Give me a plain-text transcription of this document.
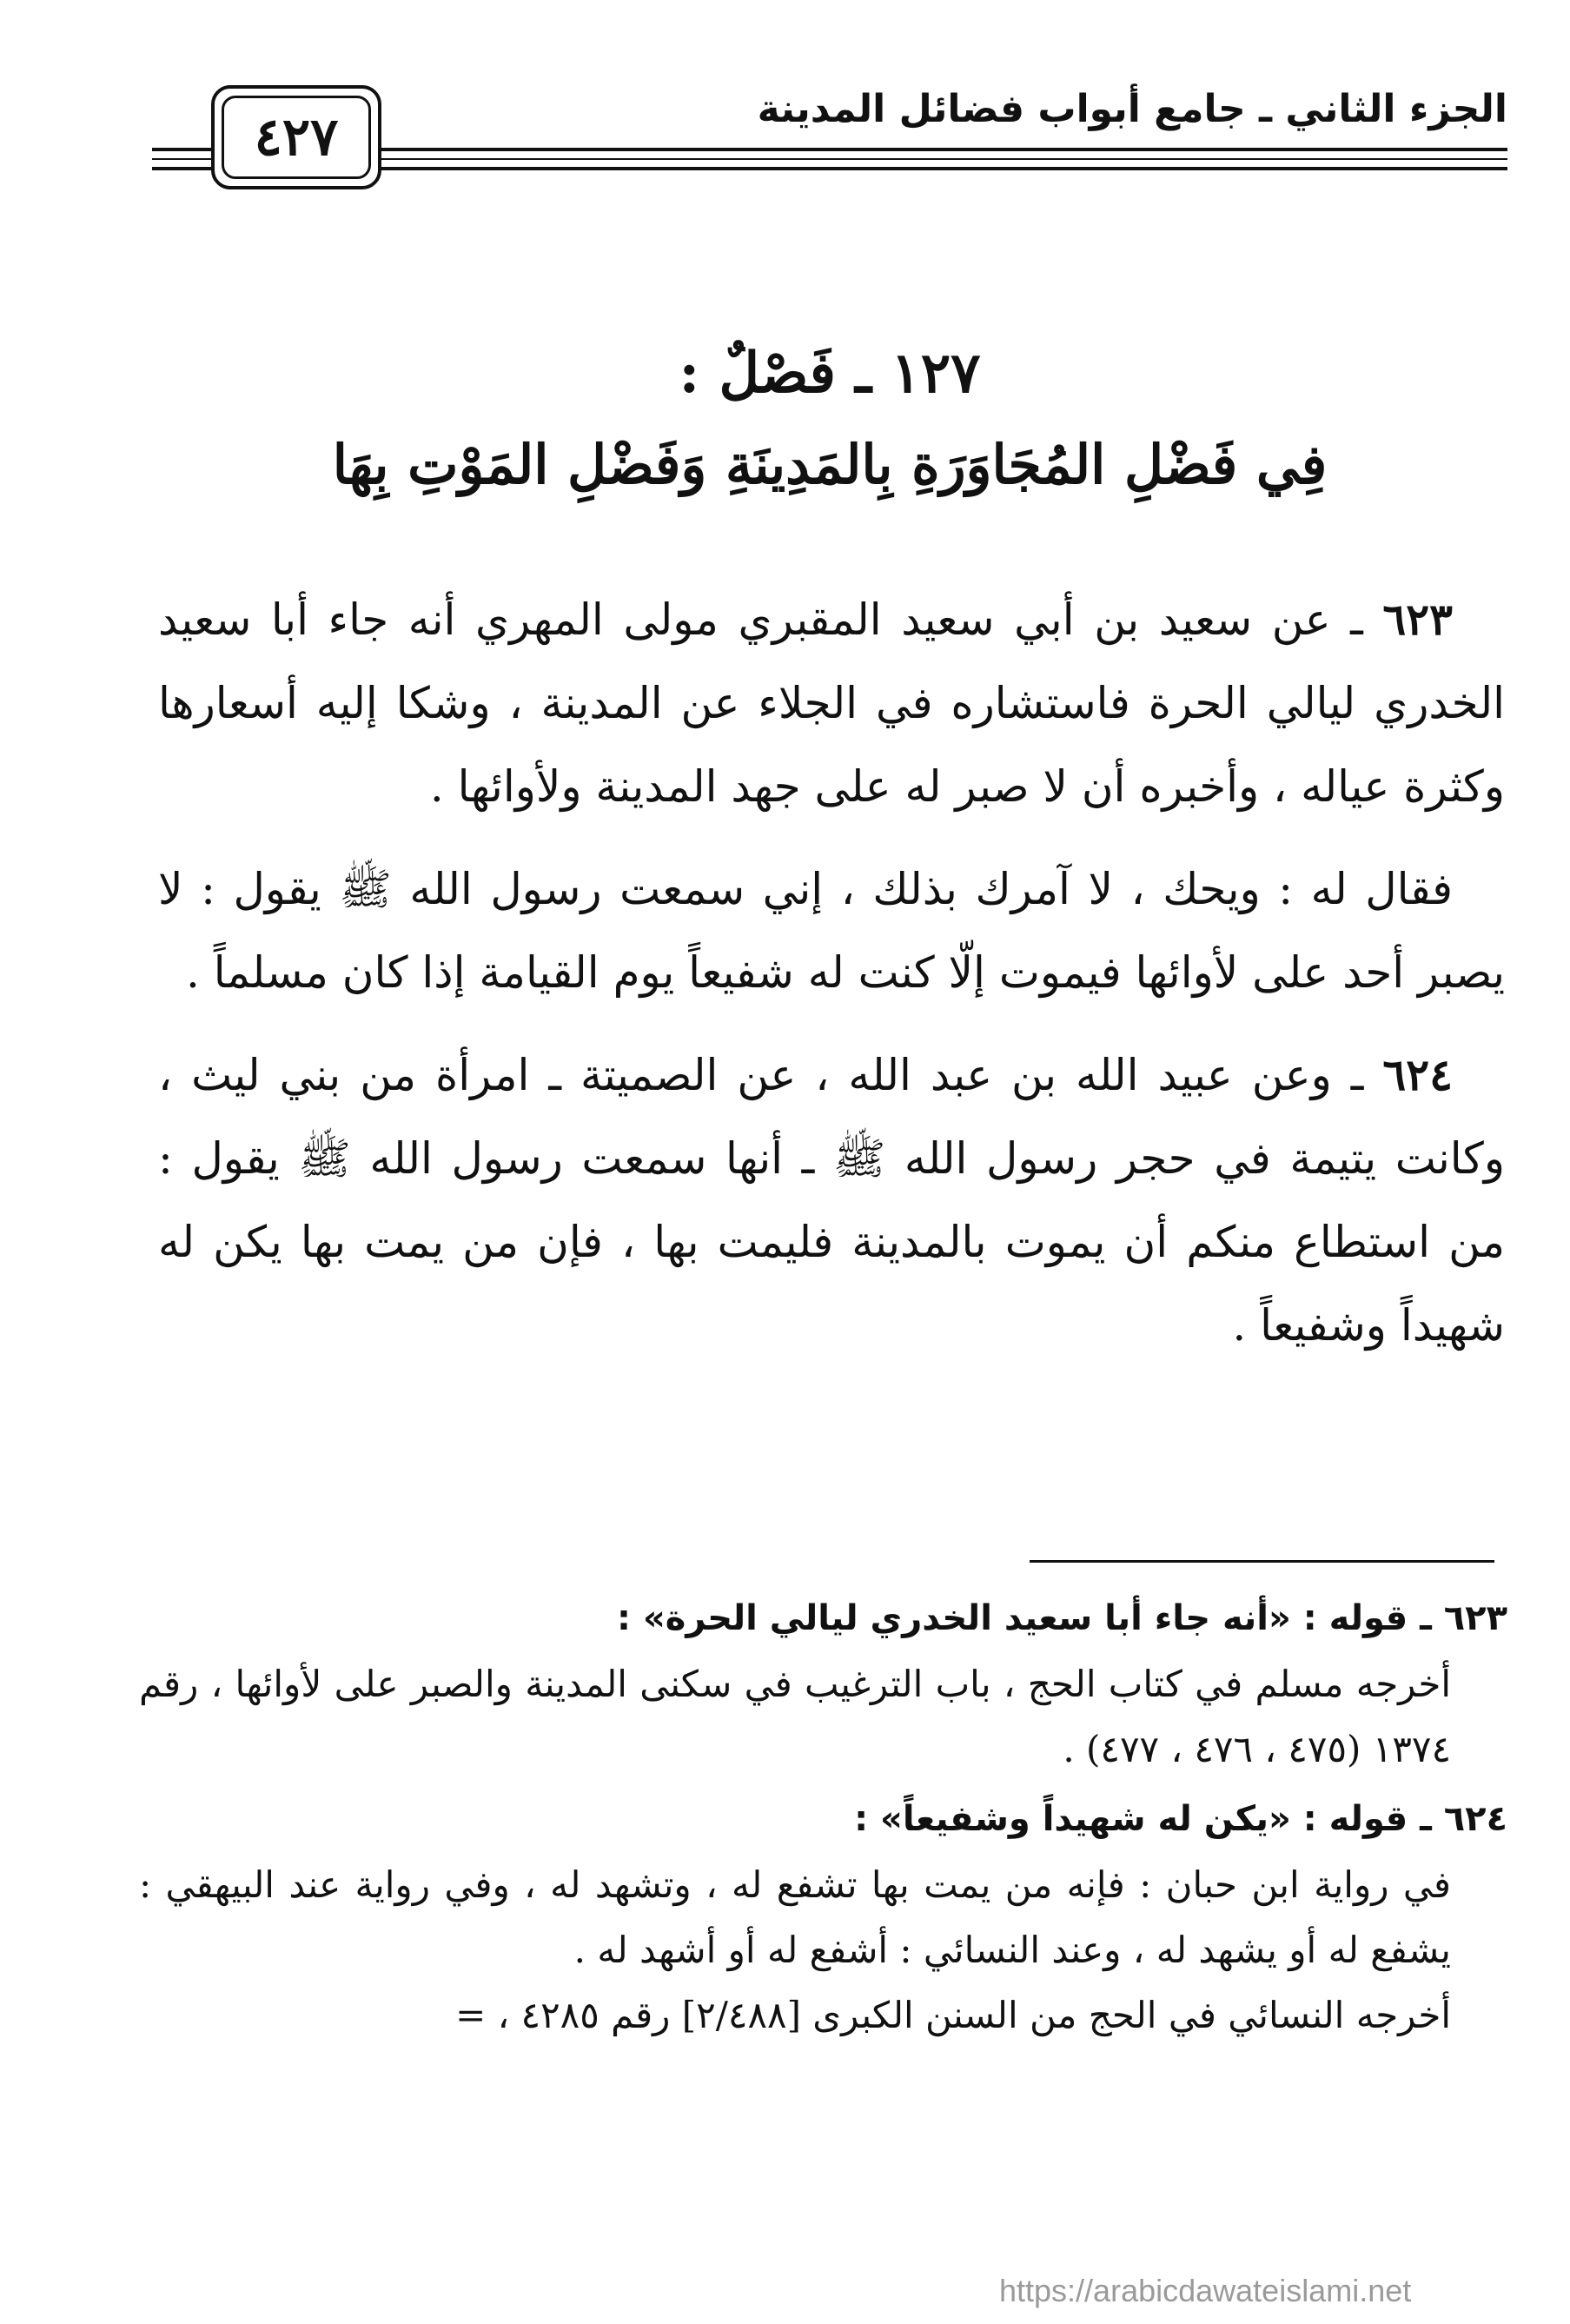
الجزء الثاني ـ جامع أبواب فضائل المدينة
٤٢٧
١٢٧ ـ فَصْلٌ :
فِي فَضْلِ المُجَاوَرَةِ بِالمَدِينَةِ وَفَضْلِ المَوْتِ بِهَا

٦٢٣ ـ عن سعيد بن أبي سعيد المقبري مولى المهري أنه جاء أبا سعيد الخدري ليالي الحرة فاستشاره في الجلاء عن المدينة ، وشكا إليه أسعارها وكثرة عياله ، وأخبره أن لا صبر له على جهد المدينة ولأوائها .

فقال له : ويحك ، لا آمرك بذلك ، إني سمعت رسول الله ﷺ يقول : لا يصبر أحد على لأوائها فيموت إلّا كنت له شفيعاً يوم القيامة إذا كان مسلماً .

٦٢٤ ـ وعن عبيد الله بن عبد الله ، عن الصميتة ـ امرأة من بني ليث ، وكانت يتيمة في حجر رسول الله ﷺ ـ أنها سمعت رسول الله ﷺ يقول : من استطاع منكم أن يموت بالمدينة فليمت بها ، فإن من يمت بها يكن له شهيداً وشفيعاً .

٦٢٣ ـ قوله : «أنه جاء أبا سعيد الخدري ليالي الحرة» :

أخرجه مسلم في كتاب الحج ، باب الترغيب في سكنى المدينة والصبر على لأوائها ، رقم ١٣٧٤ (٤٧٥ ، ٤٧٦ ، ٤٧٧) .

٦٢٤ ـ قوله : «يكن له شهيداً وشفيعاً» :

في رواية ابن حبان : فإنه من يمت بها تشفع له ، وتشهد له ، وفي رواية عند البيهقي : يشفع له أو يشهد له ، وعند النسائي : أشفع له أو أشهد له .

أخرجه النسائي في الحج من السنن الكبرى [٢/٤٨٨] رقم ٤٢٨٥ ، =

https://arabicdawateislami.net
